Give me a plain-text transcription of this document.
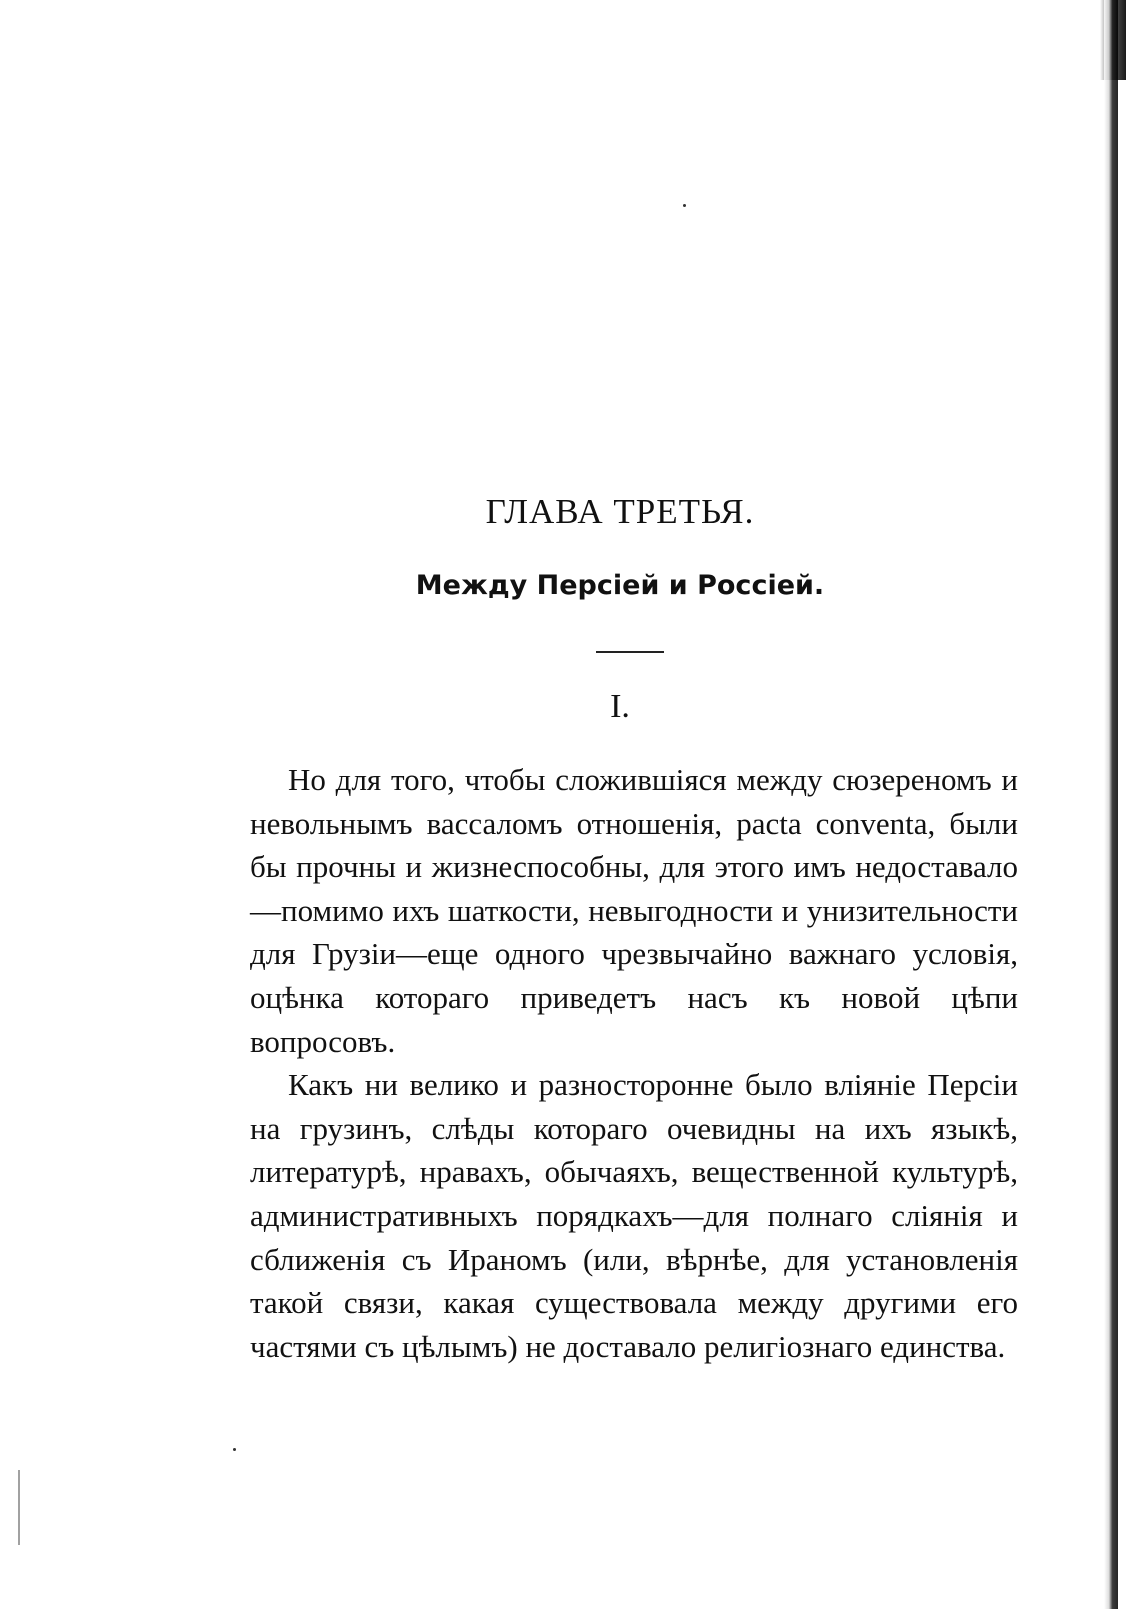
ГЛАВА ТРЕТЬЯ.
Между Персіей и Россіей.
I.

Но для того, чтобы сложившіяся между сюзереномъ и невольнымъ вассаломъ отношенія, pacta conventa, были бы прочны и жизнеспособны, для этого имъ недоставало—помимо ихъ шаткости, невыгодности и унизительности для Грузіи—еще одного чрезвычайно важнаго условія, оцѣнка котораго приведетъ насъ къ новой цѣпи вопросовъ.

Какъ ни велико и разносторонне было вліяніе Персіи на грузинъ, слѣды котораго очевидны на ихъ языкѣ, литературѣ, нравахъ, обычаяхъ, вещественной культурѣ, административныхъ порядкахъ—для полнаго слiянія и сближенія съ Ираномъ (или, вѣрнѣе, для установленія такой связи, какая существовала между другими его частями съ цѣлымъ) не доставало религіознаго единства.
